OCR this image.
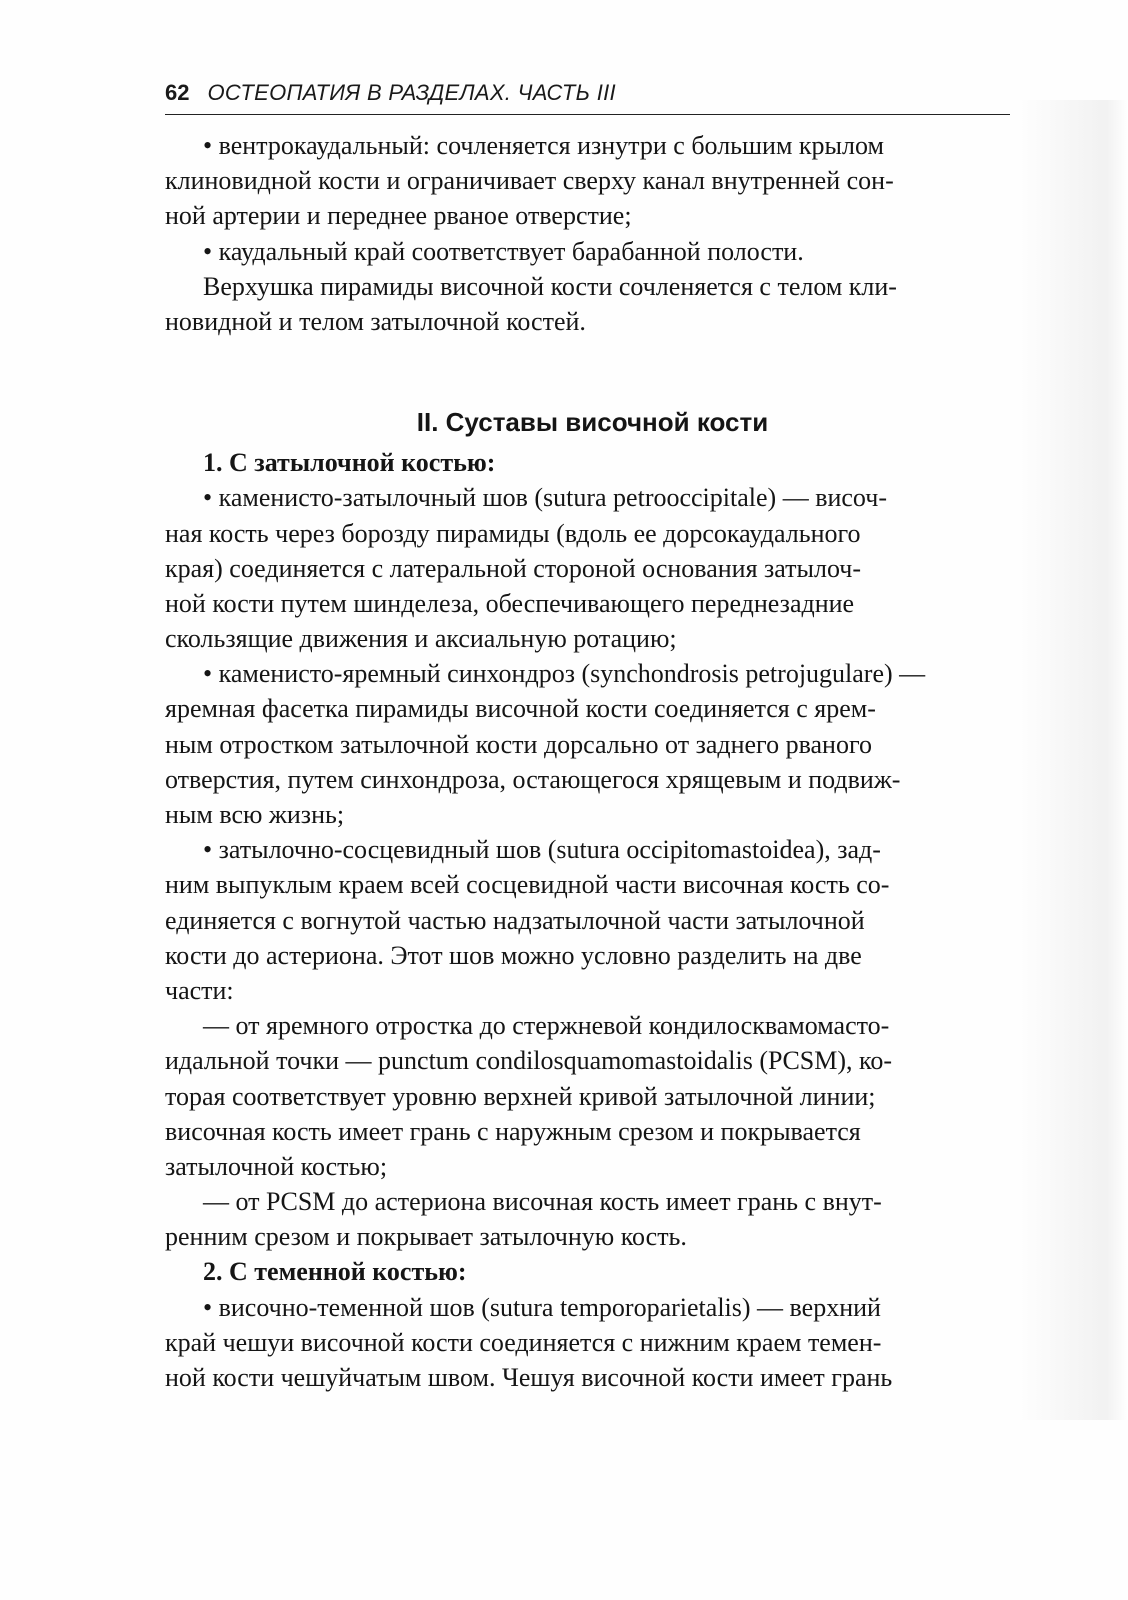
62 ОСТЕОПАТИЯ В РАЗДЕЛАХ. ЧАСТЬ III
• вентрокаудальный: сочленяется изнутри с большим крылом
клиновидной кости и ограничивает сверху канал внутренней сон-
ной артерии и переднее рваное отверстие;
• каудальный край соответствует барабанной полости.
Верхушка пирамиды височной кости сочленяется с телом кли-
новидной и телом затылочной костей.
II. Суставы височной кости
1. С затылочной костью:
• каменисто-затылочный шов (sutura petrooccipitale) — височ-
ная кость через борозду пирамиды (вдоль ее дорсокаудального
края) соединяется с латеральной стороной основания затылоч-
ной кости путем шинделеза, обеспечивающего переднезадние
скользящие движения и аксиальную ротацию;
• каменисто-яремный синхондроз (synchondrosis petrojugulare) —
яремная фасетка пирамиды височной кости соединяется с ярем-
ным отростком затылочной кости дорсально от заднего рваного
отверстия, путем синхондроза, остающегося хрящевым и подвиж-
ным всю жизнь;
• затылочно-сосцевидный шов (sutura occipitomastoidea), зад-
ним выпуклым краем всей сосцевидной части височная кость со-
единяется с вогнутой частью надзатылочной части затылочной
кости до астериона. Этот шов можно условно разделить на две
части:
— от яремного отростка до стержневой кондилосквамомасто-
идальной точки — punctum condilosquamomastoidalis (PCSM), ко-
торая соответствует уровню верхней кривой затылочной линии;
височная кость имеет грань с наружным срезом и покрывается
затылочной костью;
— от PCSM до астериона височная кость имеет грань с внут-
ренним срезом и покрывает затылочную кость.
2. С теменной костью:
• височно-теменной шов (sutura temporoparietalis) — верхний
край чешуи височной кости соединяется с нижним краем темен-
ной кости чешуйчатым швом. Чешуя височной кости имеет грань
